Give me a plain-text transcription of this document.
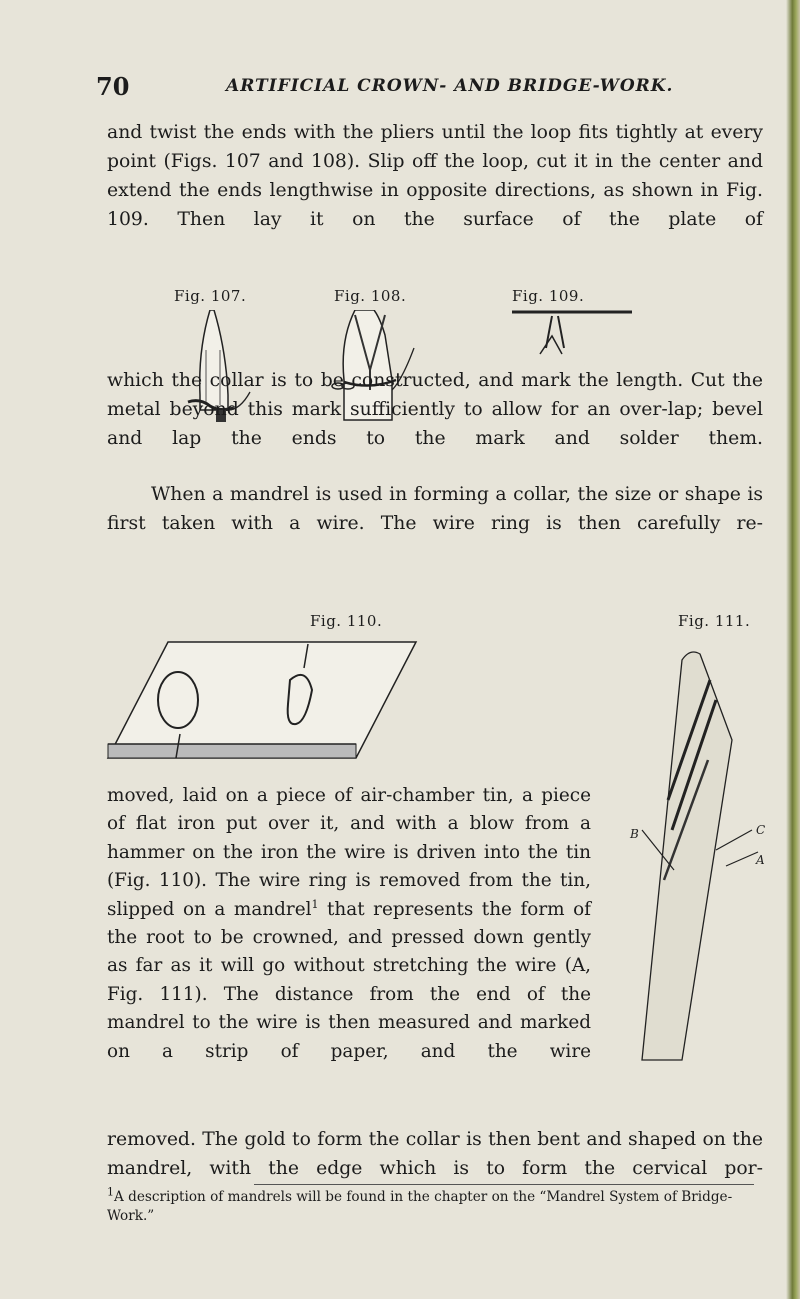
70	ARTIFICIAL CROWN- AND BRIDGE-WORK.
and twist the ends with the pliers until the loop fits tightly at every point (Figs. 107 and 108). Slip off the loop, cut it in the center and extend the ends lengthwise in opposite directions, as shown in Fig. 109. Then lay it on the surface of the plate of
Fig. 107.	Fig. 108.	Fig. 109.
which the collar is to be constructed, and mark the length. Cut the metal beyond this mark sufficiently to allow for an over-lap; bevel and lap the ends to the mark and solder them.
When a mandrel is used in forming a collar, the size or shape is first taken with a wire. The wire ring is then carefully re-
Fig. 110.	Fig. 111.
B	C
A
moved, laid on a piece of air-chamber tin, a piece of flat iron put over it, and with a blow from a hammer on the iron the wire is driven into the tin (Fig. 110). The wire ring is removed from the tin, slipped on a mandrel$^1$ that represents the form of the root to be crowned, and pressed down gently as far as it will go without stretching the wire (A, Fig. 111). The distance from the end of the mandrel to the wire is then measured and marked on a strip of paper, and the wire
removed. The gold to form the collar is then bent and shaped on the mandrel, with the edge which is to form the cervical por-
$^1$A description of mandrels will be found in the chapter on the “Mandrel System of Bridge-Work.”
